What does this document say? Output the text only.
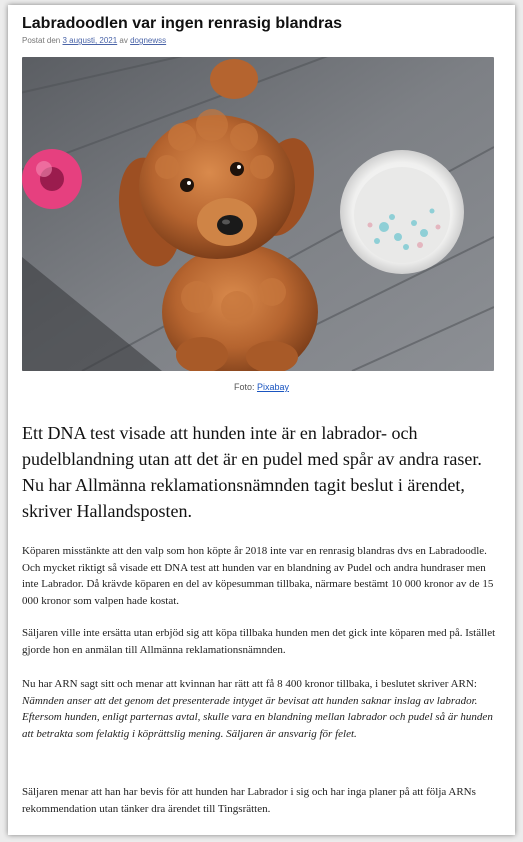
Labradoodlen var ingen renrasig blandras
Postat den 3 augusti, 2021 av dognewss
Foto: Pixabay

Ett DNA test visade att hunden inte är en labrador- och pudelblandning utan att det är en pudel med spår av andra raser. Nu har Allmänna reklamationsnämnden tagit beslut i ärendet, skriver Hallandsposten.

Köparen misstänkte att den valp som hon köpte år 2018 inte var en renrasig blandras dvs en Labradoodle. Och mycket riktigt så visade ett DNA test att hunden var en blandning av Pudel och andra hundraser men inte Labrador. Då krävde köparen en del av köpesumman tillbaka, närmare bestämt 10 000 kronor av de 15 000 kronor som valpen hade kostat.

Säljaren ville inte ersätta utan erbjöd sig att köpa tillbaka hunden men det gick inte köparen med på. Istället gjorde hon en anmälan till Allmänna reklamationsnämnden.

Nu har ARN sagt sitt och menar att kvinnan har rätt att få 8 400 kronor tillbaka, i beslutet skriver ARN: Nämnden anser att det genom det presenterade intyget är bevisat att hunden saknar inslag av labrador. Eftersom hunden, enligt parternas avtal, skulle vara en blandning mellan labrador och pudel så är hunden att betrakta som felaktig i köprättslig mening. Säljaren är ansvarig för felet.

Säljaren menar att han har bevis för att hunden har Labrador i sig och har inga planer på att följa ARNs rekommendation utan tänker dra ärendet till Tingsrätten.
